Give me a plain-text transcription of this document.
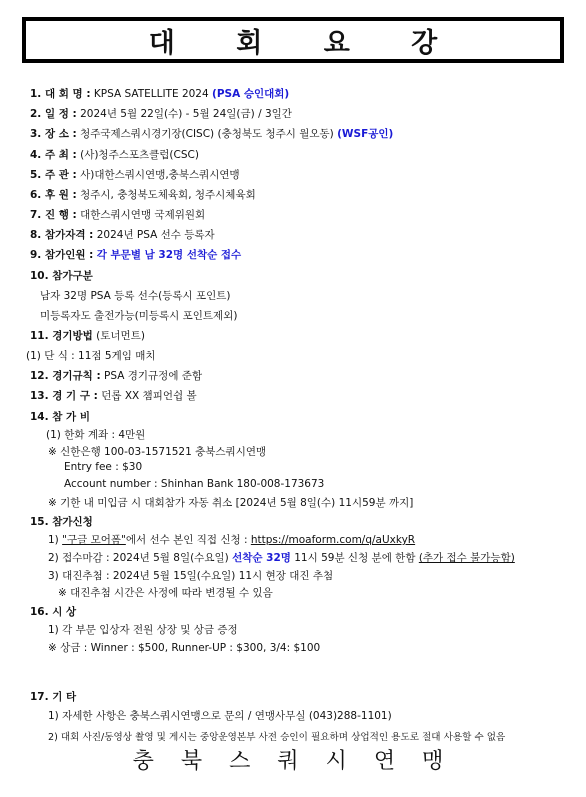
대 회 요 강
1. 대 회 명 : KPSA SATELLITE 2024 (PSA 승인대회)
2. 일 정 : 2024년 5월 22일(수) - 5월 24일(금) / 3일간
3. 장 소 : 청주국제스쿼시경기장(CISC) (충청북도 청주시 월오동) (WSF공인)
4. 주 최 : (사)청주스포츠클럽(CSC)
5. 주 관 : 사)대한스쿼시연맹,충북스쿼시연맹
6. 후 원 : 청주시, 충청북도체육회, 청주시체육회
7. 진 행 : 대한스쿼시연맹 국제위원회
8. 참가자격 : 2024년 PSA 선수 등록자
9. 참가인원 : 각 부문별 남 32명 선착순 접수
10. 참가구분
남자 32명 PSA 등록 선수(등록시 포인트)
미등록자도 출전가능(미등록시 포인트제외)
11. 경기방법 (토너먼트)
(1) 단 식 : 11점 5게임 매치
12. 경기규칙 : PSA 경기규정에 준함
13. 경 기 구 : 던롭 XX 챔피언쉽 볼
14. 참 가 비
(1) 한화 계좌 : 4만원
※ 신한은행 100-03-1571521 충북스쿼시연맹
Entry fee : $30
Account number : Shinhan Bank 180-008-173673
※ 기한 내 미입금 시 대회참가 자동 취소 [2024년 5월 8일(수) 11시59분 까지]
15. 참가신청
1) "구글 모어폼"에서 선수 본인 직접 신청 : https://moaform.com/q/aUxkyR
2) 접수마감 : 2024년 5월 8일(수요일) 선착순 32명 11시 59분 신청 분에 한함 (추가 접수 불가능함)
3) 대진추첨 : 2024년 5월 15일(수요일) 11시 현장 대진 추첨
※ 대진추첨 시간은 사정에 따라 변경될 수 있음
16. 시 상
1) 각 부문 입상자 전원 상장 및 상금 증정
※ 상금 : Winner : $500, Runner-UP : $300, 3/4: $100
17. 기 타
1) 자세한 사항은 충북스쿼시연맹으로 문의 / 연맹사무실 (043)288-1101)
2) 대회 사진/동영상 촬영 및 게시는 중앙운영본부 사전 승인이 필요하며 상업적인 용도로 절대 사용할 수 없음
충 북 스 쿼 시 연 맹
